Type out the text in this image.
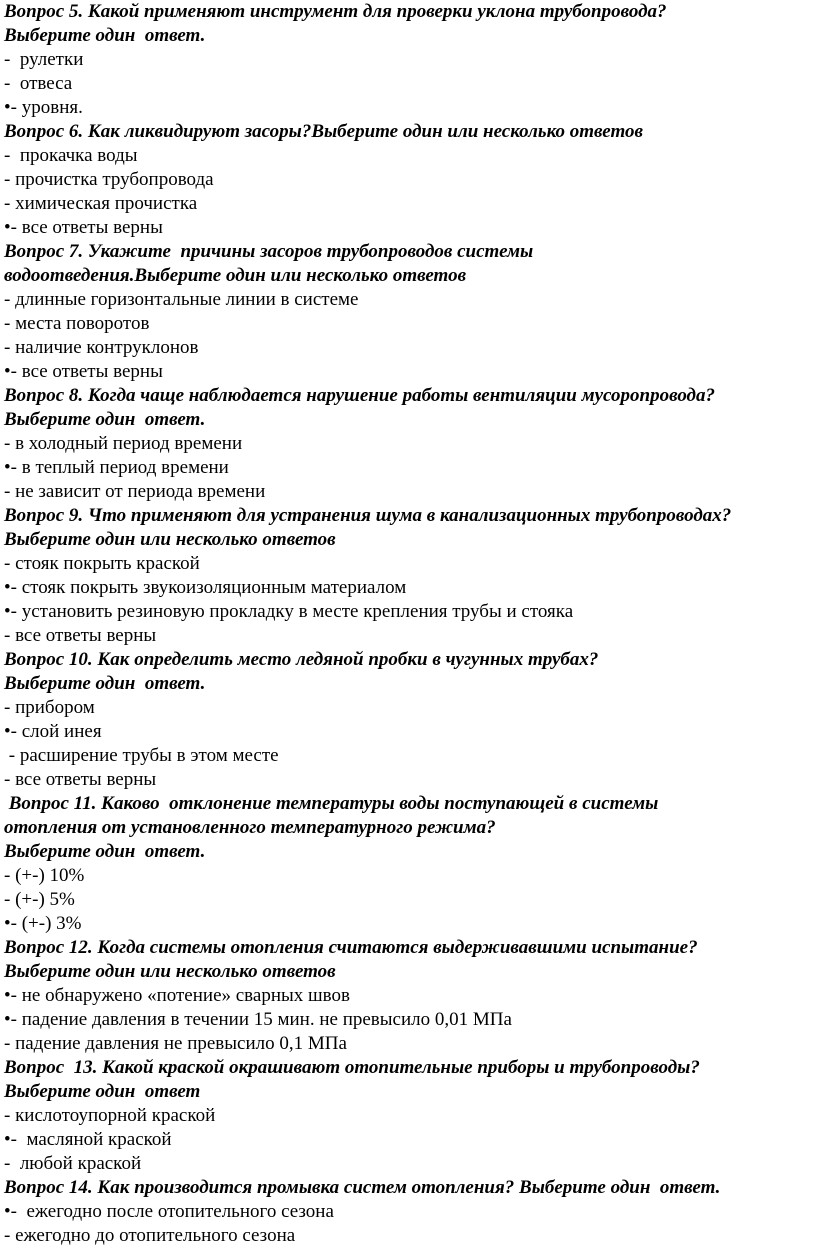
Вопрос 5. Какой применяют инструмент для проверки уклона трубопровода?
Выберите один  ответ.
-  рулетки
-  отвеса
•- уровня.
Вопрос 6. Как ликвидируют засоры?Выберите один или несколько ответов
-  прокачка воды
- прочистка трубопровода
- химическая прочистка
•- все ответы верны
Вопрос 7. Укажите  причины засоров трубопроводов системы
водоотведения.Выберите один или несколько ответов
- длинные горизонтальные линии в системе
- места поворотов
- наличие контруклонов
•- все ответы верны
Вопрос 8. Когда чаще наблюдается нарушение работы вентиляции мусоропровода?
Выберите один  ответ.
- в холодный период времени
•- в теплый период времени
- не зависит от периода времени
Вопрос 9. Что применяют для устранения шума в канализационных трубопроводах?
Выберите один или несколько ответов
- стояк покрыть краской
•- стояк покрыть звукоизоляционным материалом
•- установить резиновую прокладку в месте крепления трубы и стояка
- все ответы верны
Вопрос 10. Как определить место ледяной пробки в чугунных трубах?
Выберите один  ответ.
- прибором
•- слой инея
- расширение трубы в этом месте
- все ответы верны
Вопрос 11. Каково  отклонение температуры воды поступающей в системы
отопления от установленного температурного режима?
Выберите один  ответ.
- (+-) 10%
- (+-) 5%
•- (+-) 3%
Вопрос 12. Когда системы отопления считаются выдерживавшими испытание?
Выберите один или несколько ответов
•- не обнаружено «потение» сварных швов
•- падение давления в течении 15 мин. не превысило 0,01 МПа
- падение давления не превысило 0,1 МПа
Вопрос  13. Какой краской окрашивают отопительные приборы и трубопроводы?
Выберите один  ответ
- кислотоупорной краской
•-  масляной краской
-  любой краской
Вопрос 14. Как производится промывка систем отопления? Выберите один  ответ.
•-  ежегодно после отопительного сезона
- ежегодно до отопительного сезона
